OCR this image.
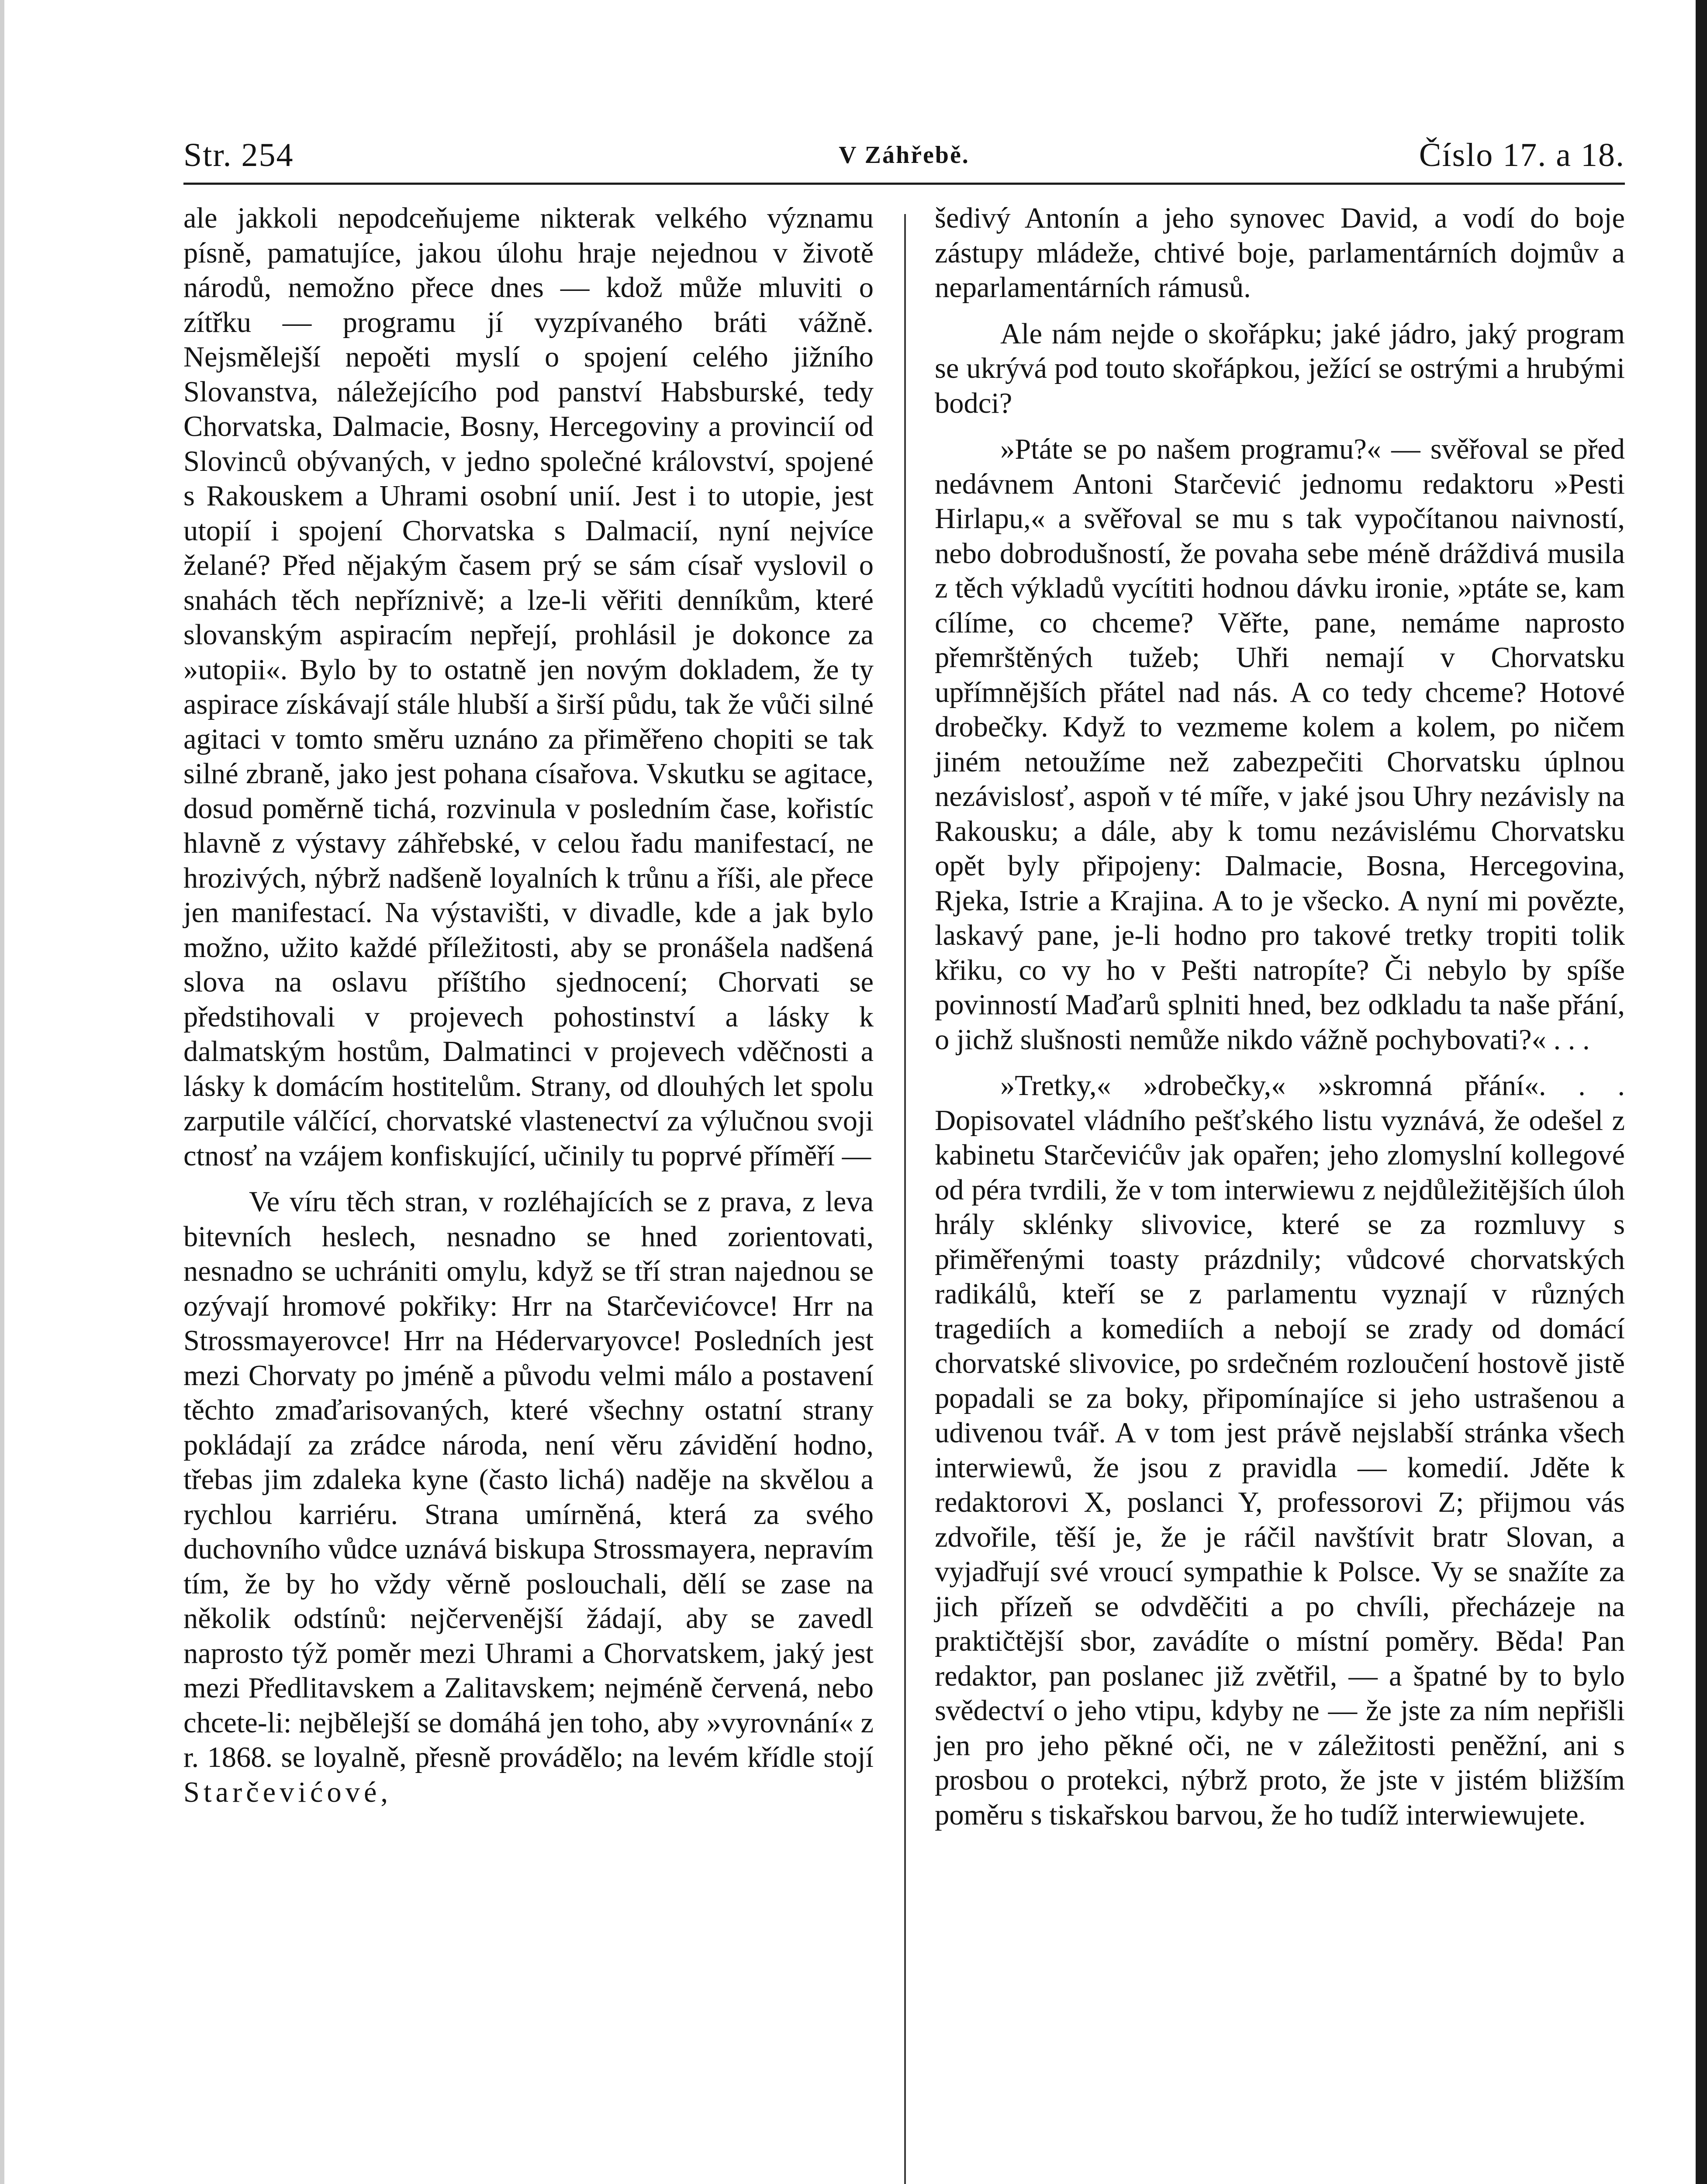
Str. 254	V Záhřebě.	Číslo 17. a 18.

ale jakkoli nepodceňujeme nikterak velkého významu písně, pamatujíce, jakou úlohu hraje nejednou v životě národů, nemožno přece dnes — kdož může mluviti o zítřku — programu jí vyzpívaného bráti vážně. Nejsmělejší nepoěti myslí o spojení celého jižního Slovanstva, náležejícího pod panství Habsburské, tedy Chorvatska, Dalmacie, Bosny, Hercegoviny a provincií od Slovinců obývaných, v jedno společné království, spojené s Rakouskem a Uhrami osobní unií. Jest i to utopie, jest utopií i spojení Chorvatska s Dalmacií, nyní nejvíce želané? Před nějakým časem prý se sám císař vyslovil o snahách těch nepříznivě; a lze-li věřiti denníkům, které slovanským aspiracím nepřejí, prohlásil je dokonce za »utopii«. Bylo by to ostatně jen novým dokladem, že ty aspirace získávají stále hlubší a širší půdu, tak že vůči silné agitaci v tomto směru uznáno za přiměřeno chopiti se tak silné zbraně, jako jest pohana císařova. Vskutku se agitace, dosud poměrně tichá, rozvinula v posledním čase, kořistíc hlavně z výstavy záhřebské, v celou řadu manifestací, ne hrozivých, nýbrž nadšeně loyalních k trůnu a říši, ale přece jen manifestací. Na výstavišti, v divadle, kde a jak bylo možno, užito každé příležitosti, aby se pronášela nadšená slova na oslavu příštího sjednocení; Chorvati se předstihovali v projevech pohostinství a lásky k dalmatským hostům, Dalmatinci v projevech vděčnosti a lásky k domácím hostitelům. Strany, od dlouhých let spolu zarputile válčící, chorvatské vlastenectví za výlučnou svoji ctnosť na vzájem konfiskující, učinily tu poprvé příměří —

Ve víru těch stran, v rozléhajících se z prava, z leva bitevních heslech, nesnadno se hned zorientovati, nesnadno se uchrániti omylu, když se tří stran najednou se ozývají hromové pokřiky: Hrr na Starčevićovce! Hrr na Strossmayerovce! Hrr na Hédervaryovce! Posledních jest mezi Chorvaty po jméně a původu velmi málo a postavení těchto zmaďarisovaných, které všechny ostatní strany pokládají za zrádce národa, není věru závidění hodno, třebas jim zdaleka kyne (často lichá) naděje na skvělou a rychlou karriéru. Strana umírněná, která za svého duchovního vůdce uznává biskupa Strossmayera, nepravím tím, že by ho vždy věrně poslouchali, dělí se zase na několik odstínů: nejčervenější žádají, aby se zavedl naprosto týž poměr mezi Uhrami a Chorvatskem, jaký jest mezi Předlitavskem a Zalitavskem; nejméně červená, nebo chcete-li: nejbělejší se domáhá jen toho, aby »vyrovnání« z r. 1868. se loyalně, přesně provádělo; na levém křídle stojí Starčevićové,

šedivý Antonín a jeho synovec David, a vodí do boje zástupy mládeže, chtivé boje, parlamentárních dojmův a neparlamentárních rámusů.

Ale nám nejde o skořápku; jaké jádro, jaký program se ukrývá pod touto skořápkou, ježící se ostrými a hrubými bodci?

»Ptáte se po našem programu?« — svěřoval se před nedávnem Antoni Starčević jednomu redaktoru »Pesti Hirlapu,« a svěřoval se mu s tak vypočítanou naivností, nebo dobrodušností, že povaha sebe méně dráždivá musila z těch výkladů vycítiti hodnou dávku ironie, »ptáte se, kam cílíme, co chceme? Věřte, pane, nemáme naprosto přemrštěných tužeb; Uhři nemají v Chorvatsku upřímnějších přátel nad nás. A co tedy chceme? Hotové drobečky. Když to vezmeme kolem a kolem, po ničem jiném netoužíme než zabezpečiti Chorvatsku úplnou nezávislosť, aspoň v té míře, v jaké jsou Uhry nezávisly na Rakousku; a dále, aby k tomu nezávislému Chorvatsku opět byly připojeny: Dalmacie, Bosna, Hercegovina, Rjeka, Istrie a Krajina. A to je všecko. A nyní mi povězte, laskavý pane, je-li hodno pro takové tretky tropiti tolik křiku, co vy ho v Pešti natropíte? Či nebylo by spíše povinností Maďarů splniti hned, bez odkladu ta naše přání, o jichž slušnosti nemůže nikdo vážně pochybovati?« . . .

»Tretky,« »drobečky,« »skromná přání«. . . Dopisovatel vládního pešťského listu vyznává, že odešel z kabinetu Starčevićův jak opařen; jeho zlomyslní kollegové od péra tvrdili, že v tom interwiewu z nejdůležitějších úloh hrály sklénky slivovice, které se za rozmluvy s přiměřenými toasty prázdnily; vůdcové chorvatských radikálů, kteří se z parlamentu vyznají v různých tragediích a komediích a nebojí se zrady od domácí chorvatské slivovice, po srdečném rozloučení hostově jistě popadali se za boky, připomínajíce si jeho ustrašenou a udivenou tvář. A v tom jest právě nejslabší stránka všech interwiewů, že jsou z pravidla — komedií. Jděte k redaktorovi X, poslanci Y, professorovi Z; přijmou vás zdvořile, těší je, že je ráčil navštívit bratr Slovan, a vyjadřují své vroucí sympathie k Polsce. Vy se snažíte za jich přízeň se odvděčiti a po chvíli, přecházeje na praktičtější sbor, zavádíte o místní poměry. Běda! Pan redaktor, pan poslanec již zvětřil, — a špatné by to bylo svědectví o jeho vtipu, kdyby ne — že jste za ním nepřišli jen pro jeho pěkné oči, ne v záležitosti peněžní, ani s prosbou o protekci, nýbrž proto, že jste v jistém bližším poměru s tiskařskou barvou, že ho tudíž interwiewujete.
